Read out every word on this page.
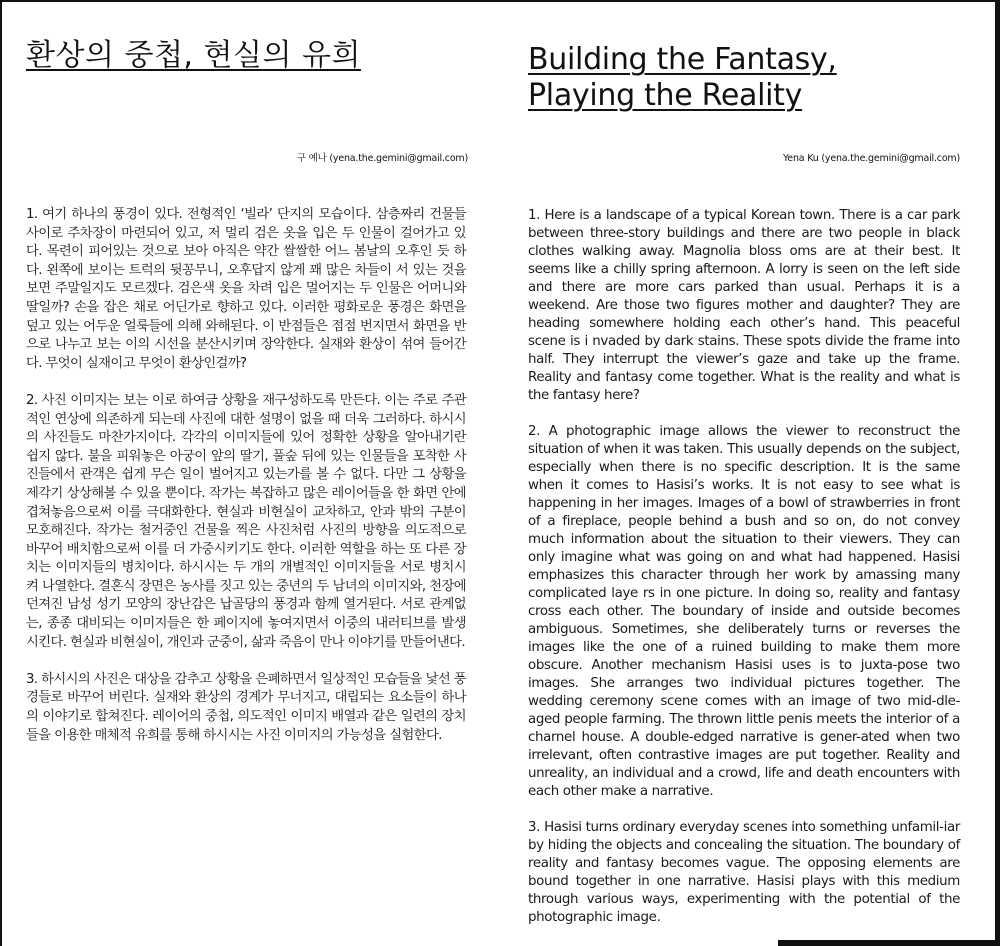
환상의 중첩, 현실의 유희
구 예나 (yena.the.gemini@gmail.com)
Building the Fantasy,
Playing the Reality
Yena Ku (yena.the.gemini@gmail.com)

1. 여기 하나의 풍경이 있다. 전형적인 ‘빌라’ 단지의 모습이다. 삼층짜리 건물들 사이로 주차장이 마련되어 있고, 저 멀리 검은 옷을 입은 두 인물이 걸어가고 있다. 목련이 피어있는 것으로 보아 아직은 약간 쌀쌀한 어느 봄날의 오후인 듯 하다. 왼쪽에 보이는 트럭의 뒷꽁무니, 오후답지 않게 꽤 많은 차들이 서 있는 것을 보면 주말일지도 모르겠다. 검은색 옷을 차려 입은 멀어지는 두 인물은 어머니와 딸일까? 손을 잡은 채로 어딘가로 향하고 있다. 이러한 평화로운 풍경은 화면을 덮고 있는 어두운 얼룩들에 의해 와해된다. 이 반점들은 점점 번지면서 화면을 반으로 나누고 보는 이의 시선을 분산시키며 장악한다. 실재와 환상이 섞여 들어간다. 무엇이 실재이고 무엇이 환상인걸까?

2. 사진 이미지는 보는 이로 하여금 상황을 재구성하도록 만든다. 이는 주로 주관적인 연상에 의존하게 되는데 사진에 대한 설명이 없을 때 더욱 그러하다. 하시시의 사진들도 마찬가지이다. 각각의 이미지들에 있어 정확한 상황을 알아내기란 쉽지 않다. 불을 피워놓은 아궁이 앞의 딸기, 풀숲 뒤에 있는 인물들을 포착한 사진들에서 관객은 쉽게 무슨 일이 벌어지고 있는가를 볼 수 없다. 다만 그 상황을 제각기 상상해볼 수 있을 뿐이다. 작가는 복잡하고 많은 레이어들을 한 화면 안에 겹쳐놓음으로써 이를 극대화한다. 현실과 비현실이 교차하고, 안과 밖의 구분이 모호해진다. 작가는 철거중인 건물을 찍은 사진처럼 사진의 방향을 의도적으로 바꾸어 배치함으로써 이를 더 가중시키기도 한다. 이러한 역할을 하는 또 다른 장치는 이미지들의 병치이다. 하시시는 두 개의 개별적인 이미지들을 서로 병치시켜 나열한다. 결혼식 장면은 농사를 짓고 있는 중년의 두 남녀의 이미지와, 천장에 던져진 남성 성기 모양의 장난감은 납골당의 풍경과 함께 열거된다. 서로 관계없는, 종종 대비되는 이미지들은 한 페이지에 놓여지면서 이중의 내러티브를 발생시킨다. 현실과 비현실이, 개인과 군중이, 삶과 죽음이 만나 이야기를 만들어낸다.

3. 하시시의 사진은 대상을 감추고 상황을 은폐하면서 일상적인 모습들을 낯선 풍경들로 바꾸어 버린다. 실재와 환상의 경계가 무너지고, 대립되는 요소들이 하나의 이야기로 합쳐진다. 레이어의 중첩, 의도적인 이미지 배열과 같은 일련의 장치들을 이용한 매체적 유희를 통해 하시시는 사진 이미지의 가능성을 실험한다.

1. Here is a landscape of a typical Korean town. There is a car park between three-story buildings and there are two people in black clothes walking away. Magnolia bloss oms are at their best. It seems like a chilly spring afternoon. A lorry is seen on the left side and there are more cars parked than usual. Perhaps it is a weekend. Are those two figures mother and daughter? They are heading somewhere holding each other’s hand. This peaceful scene is i nvaded by dark stains. These spots divide the frame into half. They interrupt the viewer’s gaze and take up the frame. Reality and fantasy come together. What is the reality and what is the fantasy here?

2. A photographic image allows the viewer to reconstruct the situation of when it was taken. This usually depends on the subject, especially when there is no specific description. It is the same when it comes to Hasisi’s works. It is not easy to see what is happening in her images. Images of a bowl of strawberries in front of a fireplace, people behind a bush and so on, do not convey much information about the situation to their viewers. They can only imagine what was going on and what had happened. Hasisi emphasizes this character through her work by amassing many complicated laye rs in one picture. In doing so, reality and fantasy cross each other. The boundary of inside and outside becomes ambiguous. Sometimes, she deliberately turns or reverses the images like the one of a ruined building to make them more obscure. Another mechanism Hasisi uses is to juxta-pose two images. She arranges two individual pictures together. The wedding ceremony scene comes with an image of two mid-dle-aged people farming. The thrown little penis meets the interior of a charnel house. A double-edged narrative is gener-ated when two irrelevant, often contrastive images are put together. Reality and unreality, an individual and a crowd, life and death encounters with each other make a narrative.

3. Hasisi turns ordinary everyday scenes into something unfamil-iar by hiding the objects and concealing the situation. The boundary of reality and fantasy becomes vague. The opposing elements are bound together in one narrative. Hasisi plays with this medium through various ways, experimenting with the potential of the photographic image.
